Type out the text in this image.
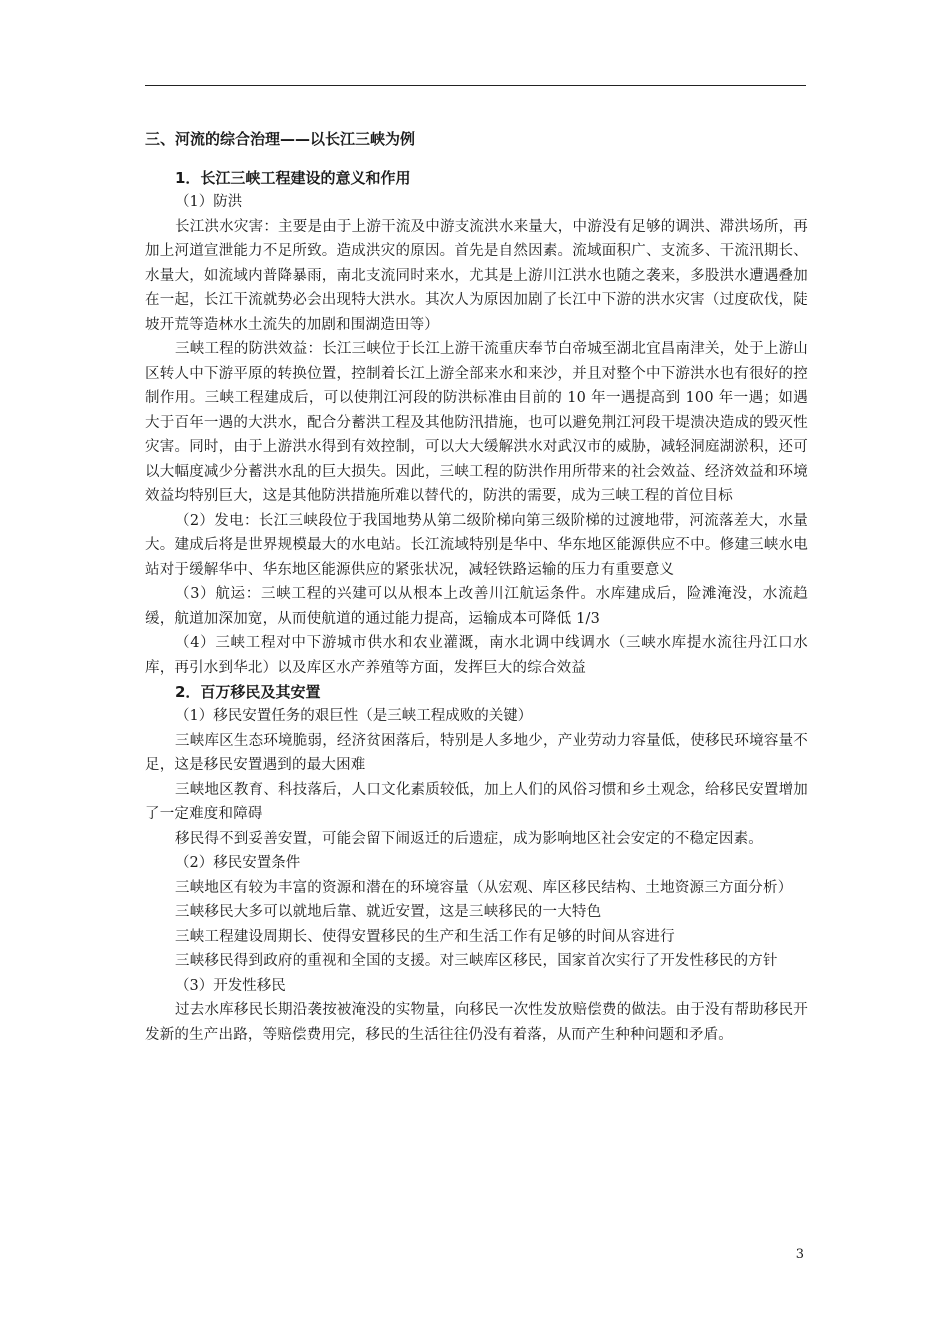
三、河流的综合治理——以长江三峡为例

1．长江三峡工程建设的意义和作用

（1）防洪

长江洪水灾害：主要是由于上游干流及中游支流洪水来量大，中游没有足够的调洪、滞洪场所，再加上河道宣泄能力不足所致。造成洪灾的原因。首先是自然因素。流域面积广、支流多、干流汛期长、水量大，如流域内普降暴雨，南北支流同时来水，尤其是上游川江洪水也随之袭来，多股洪水遭遇叠加在一起，长江干流就势必会出现特大洪水。其次人为原因加剧了长江中下游的洪水灾害（过度砍伐，陡坡开荒等造林水土流失的加剧和围湖造田等）

三峡工程的防洪效益：长江三峡位于长江上游干流重庆奉节白帝城至湖北宜昌南津关，处于上游山区转人中下游平原的转换位置，控制着长江上游全部来水和来沙，并且对整个中下游洪水也有很好的控制作用。三峡工程建成后，可以使荆江河段的防洪标准由目前的 10 年一遇提高到 100 年一遇；如遇大于百年一遇的大洪水，配合分蓄洪工程及其他防汛措施，也可以避免荆江河段干堤溃决造成的毁灭性灾害。同时，由于上游洪水得到有效控制，可以大大缓解洪水对武汉市的威胁，减轻洞庭湖淤积，还可以大幅度减少分蓄洪水乱的巨大损失。因此，三峡工程的防洪作用所带来的社会效益、经济效益和环境效益均特别巨大，这是其他防洪措施所难以替代的，防洪的需要，成为三峡工程的首位目标

（2）发电：长江三峡段位于我国地势从第二级阶梯向第三级阶梯的过渡地带，河流落差大，水量大。建成后将是世界规模最大的水电站。长江流域特别是华中、华东地区能源供应不中。修建三峡水电站对于缓解华中、华东地区能源供应的紧张状况，减轻铁路运输的压力有重要意义

（3）航运：三峡工程的兴建可以从根本上改善川江航运条件。水库建成后，险滩淹没，水流趋缓，航道加深加宽，从而使航道的通过能力提高，运输成本可降低 1/3

（4）三峡工程对中下游城市供水和农业灌溉，南水北调中线调水（三峡水库提水流往丹江口水库，再引水到华北）以及库区水产养殖等方面，发挥巨大的综合效益

2．百万移民及其安置

（1）移民安置任务的艰巨性（是三峡工程成败的关键）

三峡库区生态环境脆弱，经济贫困落后，特别是人多地少，产业劳动力容量低，使移民环境容量不足，这是移民安置遇到的最大困难

三峡地区教育、科技落后，人口文化素质较低，加上人们的风俗习惯和乡土观念，给移民安置增加了一定难度和障碍

移民得不到妥善安置，可能会留下闹返迁的后遗症，成为影响地区社会安定的不稳定因素。

（2）移民安置条件

三峡地区有较为丰富的资源和潜在的环境容量（从宏观、库区移民结构、土地资源三方面分析）

三峡移民大多可以就地后靠、就近安置，这是三峡移民的一大特色

三峡工程建设周期长、使得安置移民的生产和生活工作有足够的时间从容进行

三峡移民得到政府的重视和全国的支援。对三峡库区移民，国家首次实行了开发性移民的方针

（3）开发性移民

过去水库移民长期沿袭按被淹没的实物量，向移民一次性发放赔偿费的做法。由于没有帮助移民开发新的生产出路，等赔偿费用完，移民的生活往往仍没有着落，从而产生种种问题和矛盾。

3
